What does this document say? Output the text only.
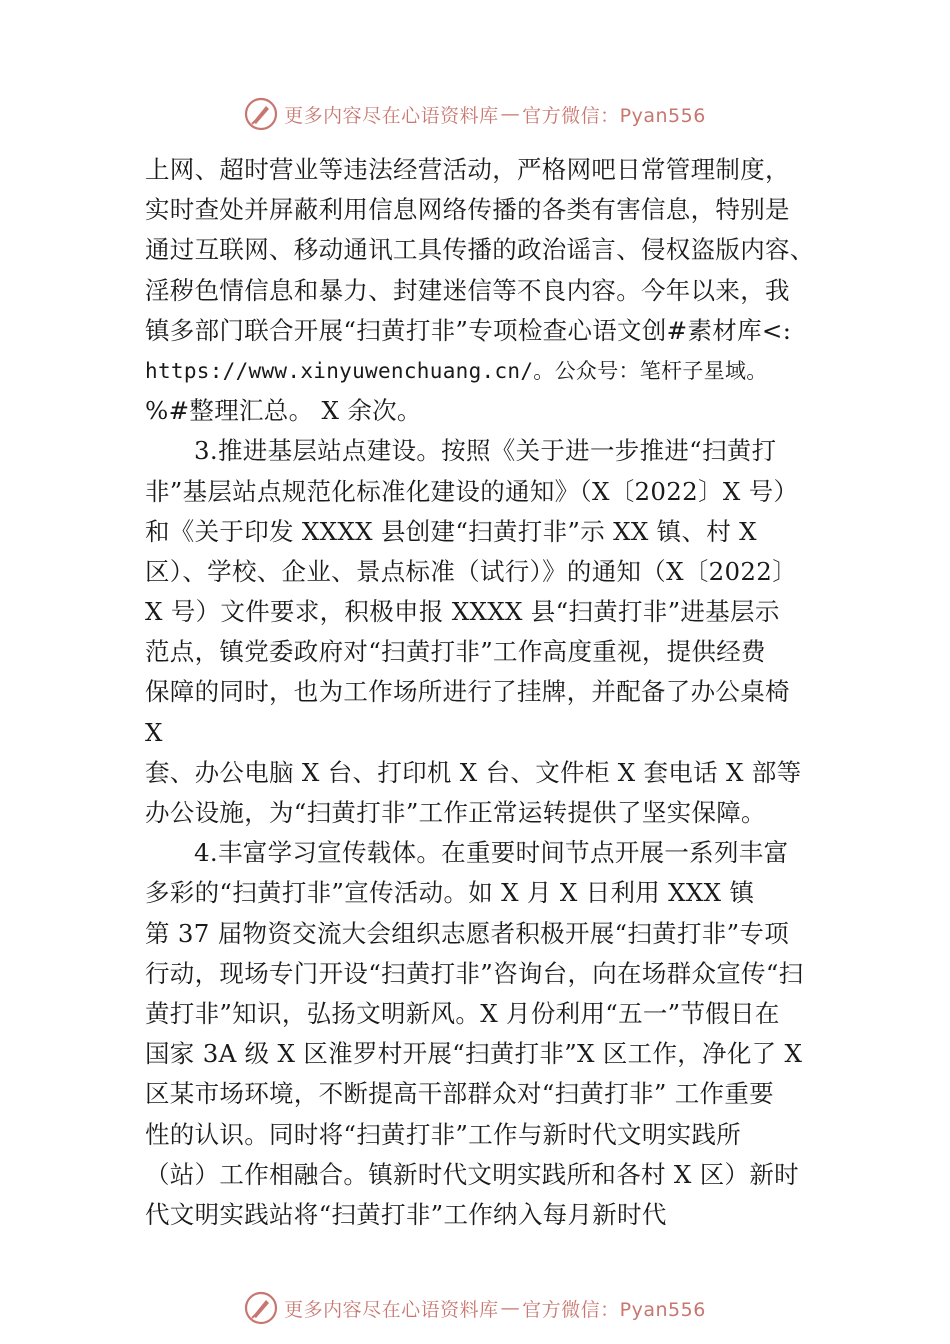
更多内容尽在心语资料库 — 官方微信：Pyan556
上网、超时营业等违法经营活动，严格网吧日常管理制度，
实时查处并屏蔽利用信息网络传播的各类有害信息，特别是
通过互联网、移动通讯工具传播的政治谣言、侵权盗版内容、
淫秽色情信息和暴力、封建迷信等不良内容。今年以来，我
镇多部门联合开展“扫黄打非”专项检查心语文创#素材库<:
https://www.xinyuwenchuang.cn/。公众号：笔杆子星域。
%#整理汇总。 X 余次。
3.推进基层站点建设。按照《关于进一步推进“扫黄打
非”基层站点规范化标准化建设的通知》（X〔2022〕X 号）
和《关于印发 XXXX 县创建“扫黄打非”示 XX 镇、村 X
区）、学校、企业、景点标准（试行）》的通知（X〔2022〕
X 号）文件要求，积极申报 XXXX 县“扫黄打非”进基层示
范点，镇党委政府对“扫黄打非”工作高度重视，提供经费
保障的同时，也为工作场所进行了挂牌，并配备了办公桌椅
X
套、办公电脑 X 台、打印机 X 台、文件柜 X 套电话 X 部等
办公设施，为“扫黄打非”工作正常运转提供了坚实保障。
4.丰富学习宣传载体。在重要时间节点开展一系列丰富
多彩的“扫黄打非”宣传活动。如 X 月 X 日利用 XXX 镇
第 37 届物资交流大会组织志愿者积极开展“扫黄打非”专项
行动，现场专门开设“扫黄打非”咨询台，向在场群众宣传“扫
黄打非”知识，弘扬文明新风。X 月份利用“五一”节假日在
国家 3A 级 X 区淮罗村开展“扫黄打非”X 区工作，净化了 X
区某市场环境，不断提高干部群众对“扫黄打非” 工作重要
性的认识。同时将“扫黄打非”工作与新时代文明实践所
（站）工作相融合。镇新时代文明实践所和各村 X 区）新时
代文明实践站将“扫黄打非”工作纳入每月新时代
更多内容尽在心语资料库 — 官方微信：Pyan556
